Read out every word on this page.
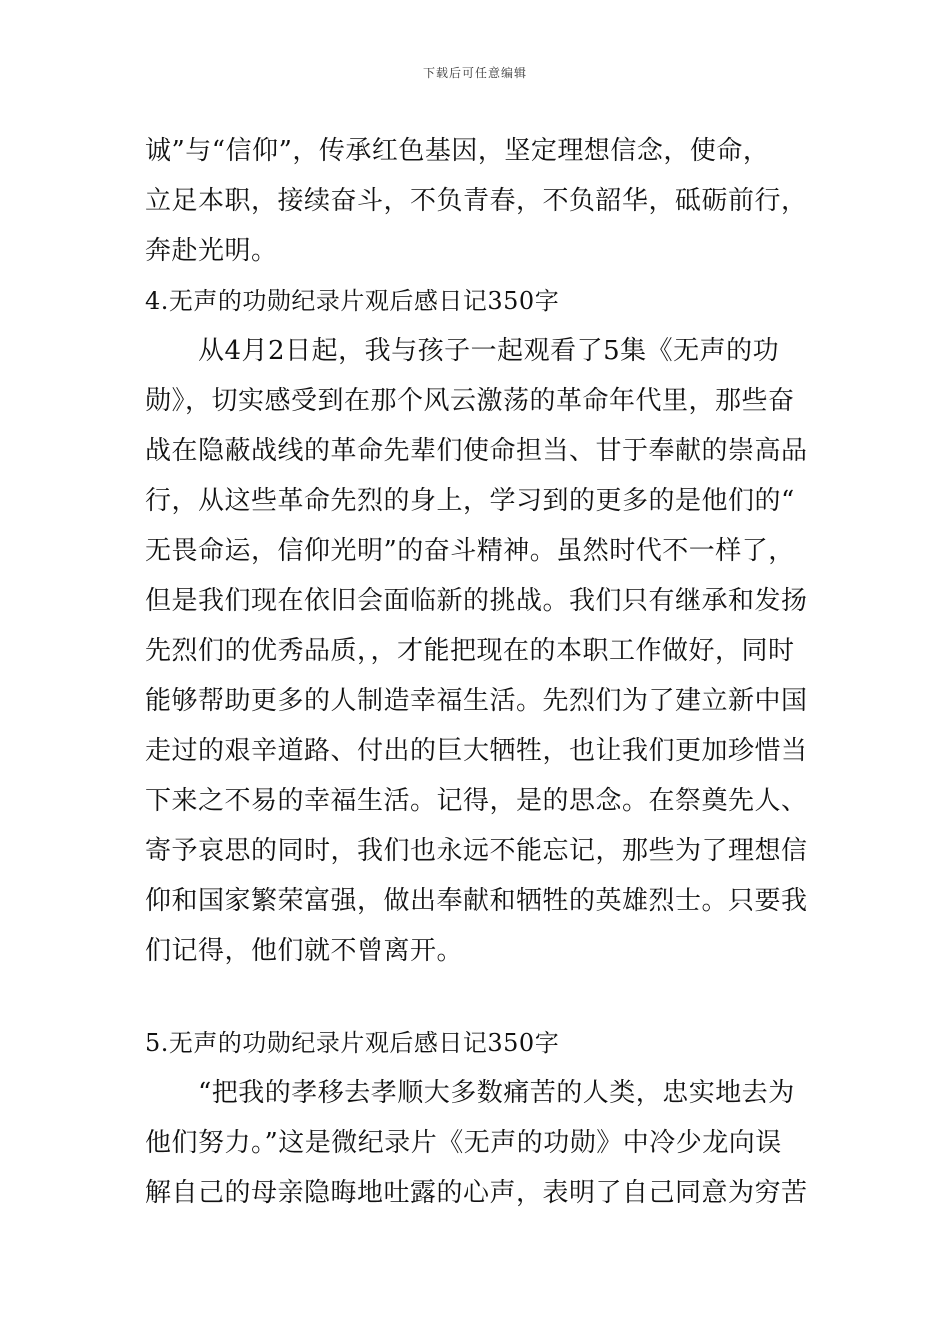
下载后可任意编辑
诚”与“信仰”，传承红色基因，坚定理想信念，使命，
立足本职，接续奋斗，不负青春，不负韶华，砥砺前行，
奔赴光明。
4.无声的功勋纪录片观后感日记350字
　　从4月2日起，我与孩子一起观看了5集《无声的功
勋》，切实感受到在那个风云激荡的革命年代里，那些奋
战在隐蔽战线的革命先辈们使命担当、甘于奉献的崇高品
行，从这些革命先烈的身上，学习到的更多的是他们的“
无畏命运，信仰光明”的奋斗精神。虽然时代不一样了，
但是我们现在依旧会面临新的挑战。我们只有继承和发扬
先烈们的优秀品质，，才能把现在的本职工作做好，同时
能够帮助更多的人制造幸福生活。先烈们为了建立新中国
走过的艰辛道路、付出的巨大牺牲，也让我们更加珍惜当
下来之不易的幸福生活。记得，是的思念。在祭奠先人、
寄予哀思的同时，我们也永远不能忘记，那些为了理想信
仰和国家繁荣富强，做出奉献和牺牲的英雄烈士。只要我
们记得，他们就不曾离开。
5.无声的功勋纪录片观后感日记350字
　　“把我的孝移去孝顺大多数痛苦的人类，忠实地去为
他们努力。”这是微纪录片《无声的功勋》中冷少龙向误
解自己的母亲隐晦地吐露的心声，表明了自己同意为穷苦
